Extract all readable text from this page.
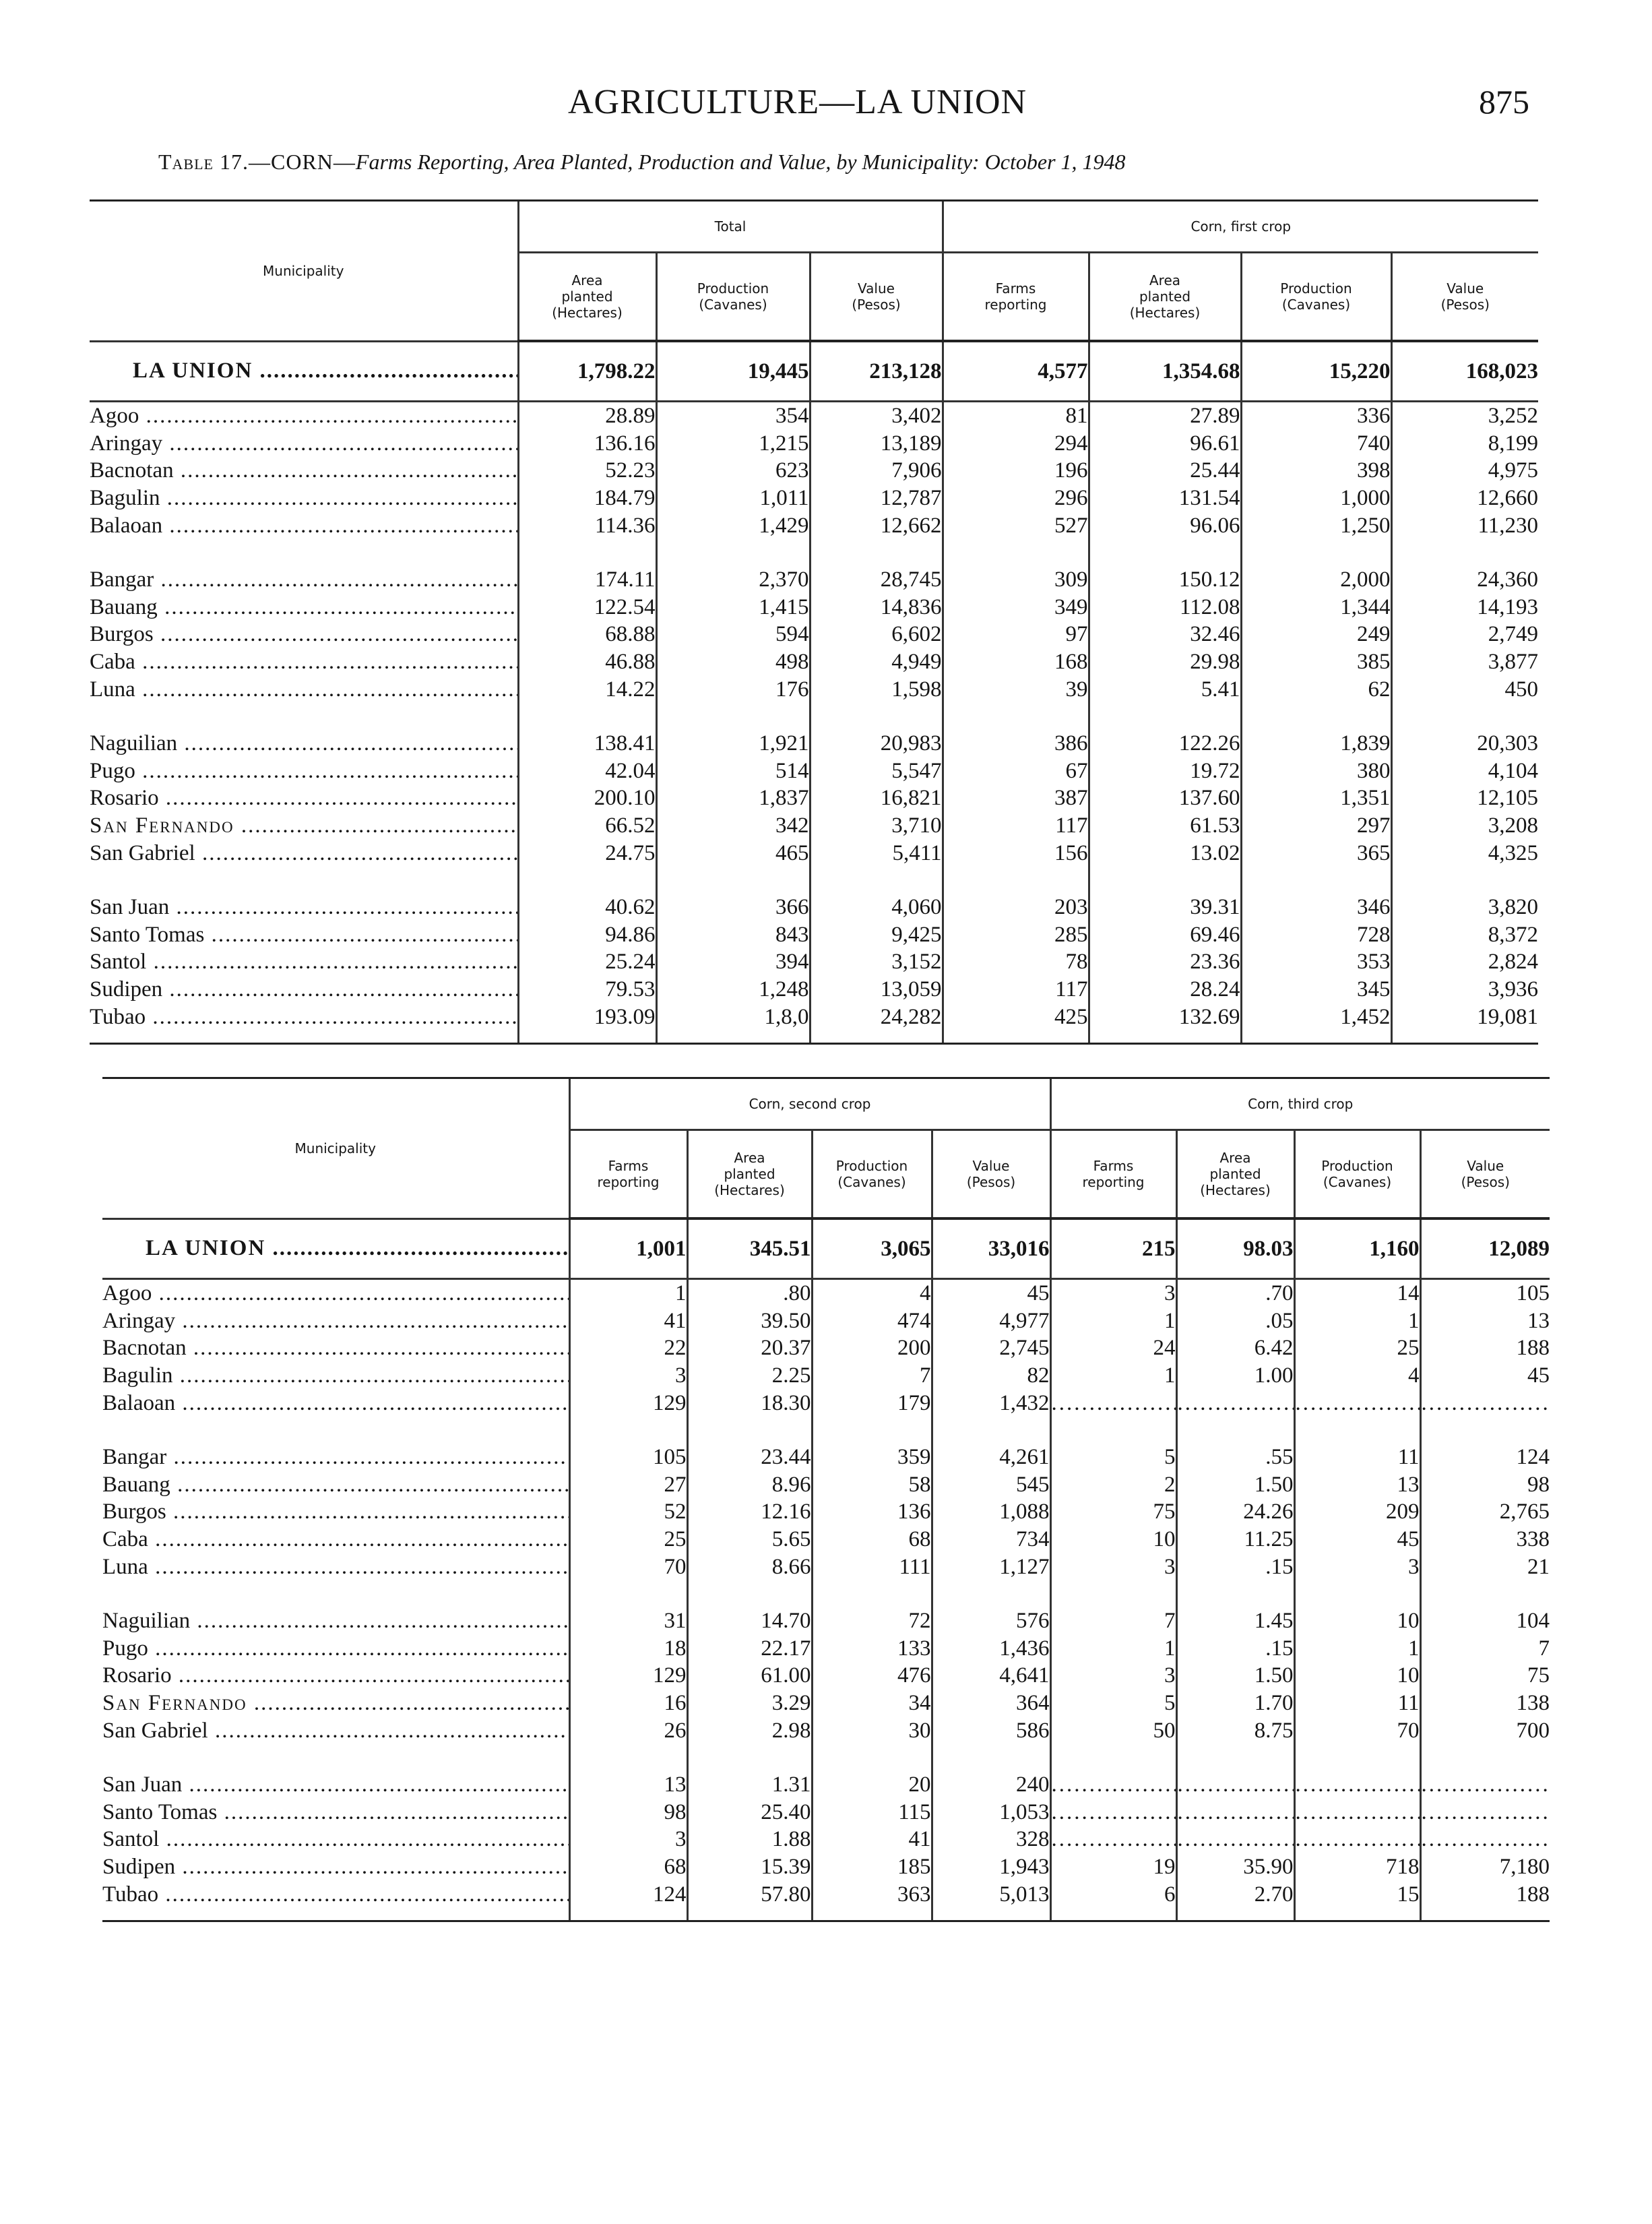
AGRICULTURE—LA UNION	875
Table 17.—CORN—Farms Reporting, Area Planted, Production and Value, by Municipality: October 1, 1948

Municipality	Total			Corn, first crop			

	Area
planted
(Hectares)	Production
(Cavanes)	Value
(Pesos)	Farms
reporting	Area
planted
(Hectares)	Production
(Cavanes)	Value
(Pesos)

LA UNION .....	1,798.22	19,445	213,128	4,577	1,354.68	15,220	168,023
Agoo .....	28.89	354	3,402	81	27.89	336	3,252
Aringay .....	136.16	1,215	13,189	294	96.61	740	8,199
Bacnotan .....	52.23	623	7,906	196	25.44	398	4,975
Bagulin .....	184.79	1,011	12,787	296	131.54	1,000	12,660
Balaoan .....	114.36	1,429	12,662	527	96.06	1,250	11,230

Bangar .....	174.11	2,370	28,745	309	150.12	2,000	24,360
Bauang .....	122.54	1,415	14,836	349	112.08	1,344	14,193
Burgos .....	68.88	594	6,602	97	32.46	249	2,749
Caba .....	46.88	498	4,949	168	29.98	385	3,877
Luna .....	14.22	176	1,598	39	5.41	62	450

Naguilian .....	138.41	1,921	20,983	386	122.26	1,839	20,303
Pugo .....	42.04	514	5,547	67	19.72	380	4,104
Rosario .....	200.10	1,837	16,821	387	137.60	1,351	12,105
San Fernando .....	66.52	342	3,710	117	61.53	297	3,208
San Gabriel .....	24.75	465	5,411	156	13.02	365	4,325

San Juan .....	40.62	366	4,060	203	39.31	346	3,820
Santo Tomas .....	94.86	843	9,425	285	69.46	728	8,372
Santol .....	25.24	394	3,152	78	23.36	353	2,824
Sudipen .....	79.53	1,248	13,059	117	28.24	345	3,936
Tubao .....	193.09	1,8,0	24,282	425	132.69	1,452	19,081

Municipality	Corn, second crop				Corn, third crop			

	Farms
reporting	Area
planted
(Hectares)	Production
(Cavanes)	Value
(Pesos)	Farms
reporting	Area
planted
(Hectares)	Production
(Cavanes)	Value
(Pesos)

LA UNION .....	1,001	345.51	3,065	33,016	215	98.03	1,160	12,089
Agoo .....	1	.80	4	45	3	.70	14	105
Aringay .....	41	39.50	474	4,977	1	.05	1	13
Bacnotan .....	22	20.37	200	2,745	24	6.42	25	188
Bagulin .....	3	2.25	7	82	1	1.00	4	45
Balaoan .....	129	18.30	179	1,432	.....	.....	.....	.....

Bangar .....	105	23.44	359	4,261	5	.55	11	124
Bauang .....	27	8.96	58	545	2	1.50	13	98
Burgos .....	52	12.16	136	1,088	75	24.26	209	2,765
Caba .....	25	5.65	68	734	10	11.25	45	338
Luna .....	70	8.66	111	1,127	3	.15	3	21

Naguilian .....	31	14.70	72	576	7	1.45	10	104
Pugo .....	18	22.17	133	1,436	1	.15	1	7
Rosario .....	129	61.00	476	4,641	3	1.50	10	75
San Fernando .....	16	3.29	34	364	5	1.70	11	138
San Gabriel .....	26	2.98	30	586	50	8.75	70	700

San Juan .....	13	1.31	20	240	.....	.....	.....	.....
Santo Tomas .....	98	25.40	115	1,053	.....	.....	.....	.....
Santol .....	3	1.88	41	328	.....	.....	.....	.....
Sudipen .....	68	15.39	185	1,943	19	35.90	718	7,180
Tubao .....	124	57.80	363	5,013	6	2.70	15	188
